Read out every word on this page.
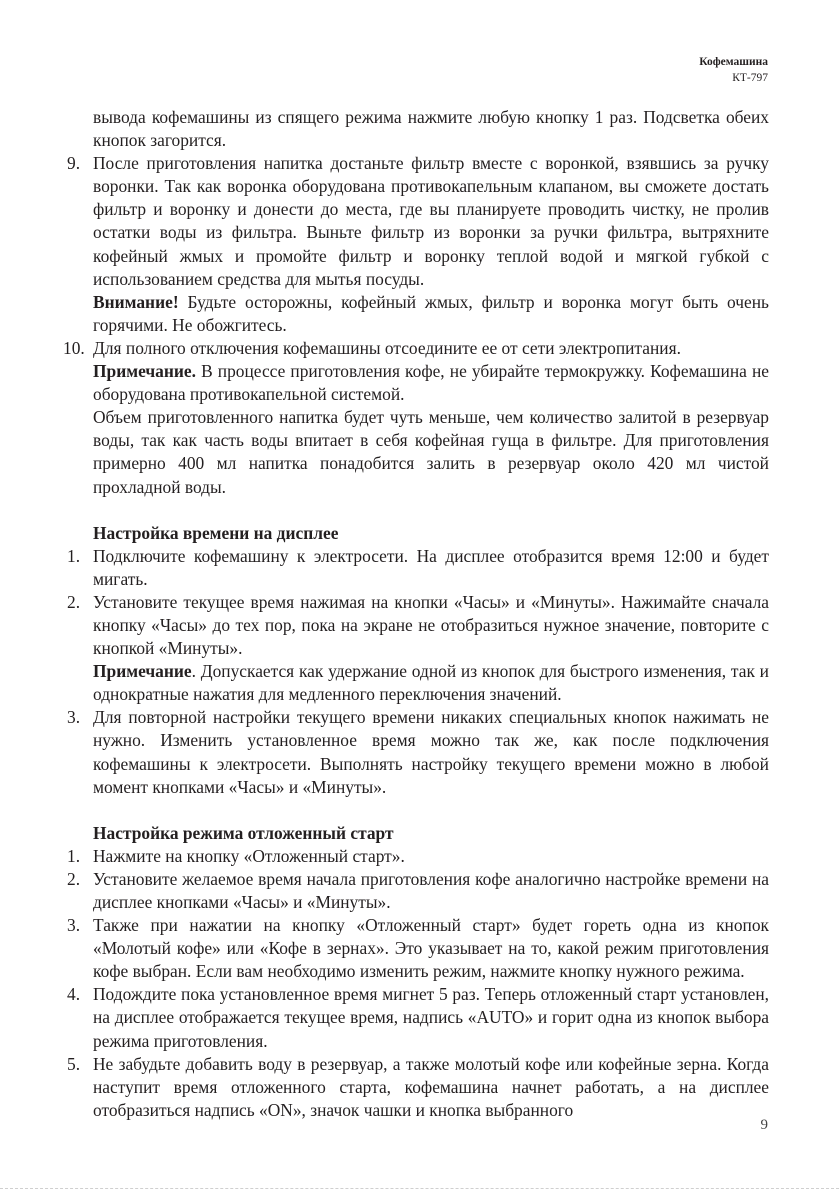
Кофемашина
КТ-797
вывода кофемашины из спящего режима нажмите любую кнопку 1 раз. Подсветка обеих кнопок загорится.
9. После приготовления напитка достаньте фильтр вместе с воронкой, взявшись за ручку воронки. Так как воронка оборудована противокапельным клапаном, вы сможете достать фильтр и воронку и донести до места, где вы планируете проводить чистку, не пролив остатки воды из фильтра. Выньте фильтр из воронки за ручки фильтра, вытряхните кофейный жмых и промойте фильтр и воронку теплой водой и мягкой губкой с использованием средства для мытья посуды.
Внимание! Будьте осторожны, кофейный жмых, фильтр и воронка могут быть очень горячими. Не обожгитесь.
10. Для полного отключения кофемашины отсоедините ее от сети электропитания.
Примечание. В процессе приготовления кофе, не убирайте термокружку. Кофемашина не оборудована противокапельной системой.
Объем приготовленного напитка будет чуть меньше, чем количество залитой в резервуар воды, так как часть воды впитает в себя кофейная гуща в фильтре. Для приготовления примерно 400 мл напитка понадобится залить в резервуар около 420 мл чистой прохладной воды.
Настройка времени на дисплее
1. Подключите кофемашину к электросети. На дисплее отобразится время 12:00 и будет мигать.
2. Установите текущее время нажимая на кнопки «Часы» и «Минуты». Нажимайте сначала кнопку «Часы» до тех пор, пока на экране не отобразиться нужное значение, повторите с кнопкой «Минуты».
Примечание. Допускается как удержание одной из кнопок для быстрого изменения, так и однократные нажатия для медленного переключения значений.
3. Для повторной настройки текущего времени никаких специальных кнопок нажимать не нужно. Изменить установленное время можно так же, как после подключения кофемашины к электросети. Выполнять настройку текущего времени можно в любой момент кнопками «Часы» и «Минуты».
Настройка режима отложенный старт
1. Нажмите на кнопку «Отложенный старт».
2. Установите желаемое время начала приготовления кофе аналогично настройке времени на дисплее кнопками «Часы» и «Минуты».
3. Также при нажатии на кнопку «Отложенный старт» будет гореть одна из кнопок «Молотый кофе» или «Кофе в зернах». Это указывает на то, какой режим приготовления кофе выбран. Если вам необходимо изменить режим, нажмите кнопку нужного режима.
4. Подождите пока установленное время мигнет 5 раз. Теперь отложенный старт установлен, на дисплее отображается текущее время, надпись «AUTO» и горит одна из кнопок выбора режима приготовления.
5. Не забудьте добавить воду в резервуар, а также молотый кофе или кофейные зерна. Когда наступит время отложенного старта, кофемашина начнет работать, а на дисплее отобразиться надпись «ON», значок чашки и кнопка выбранного
9
